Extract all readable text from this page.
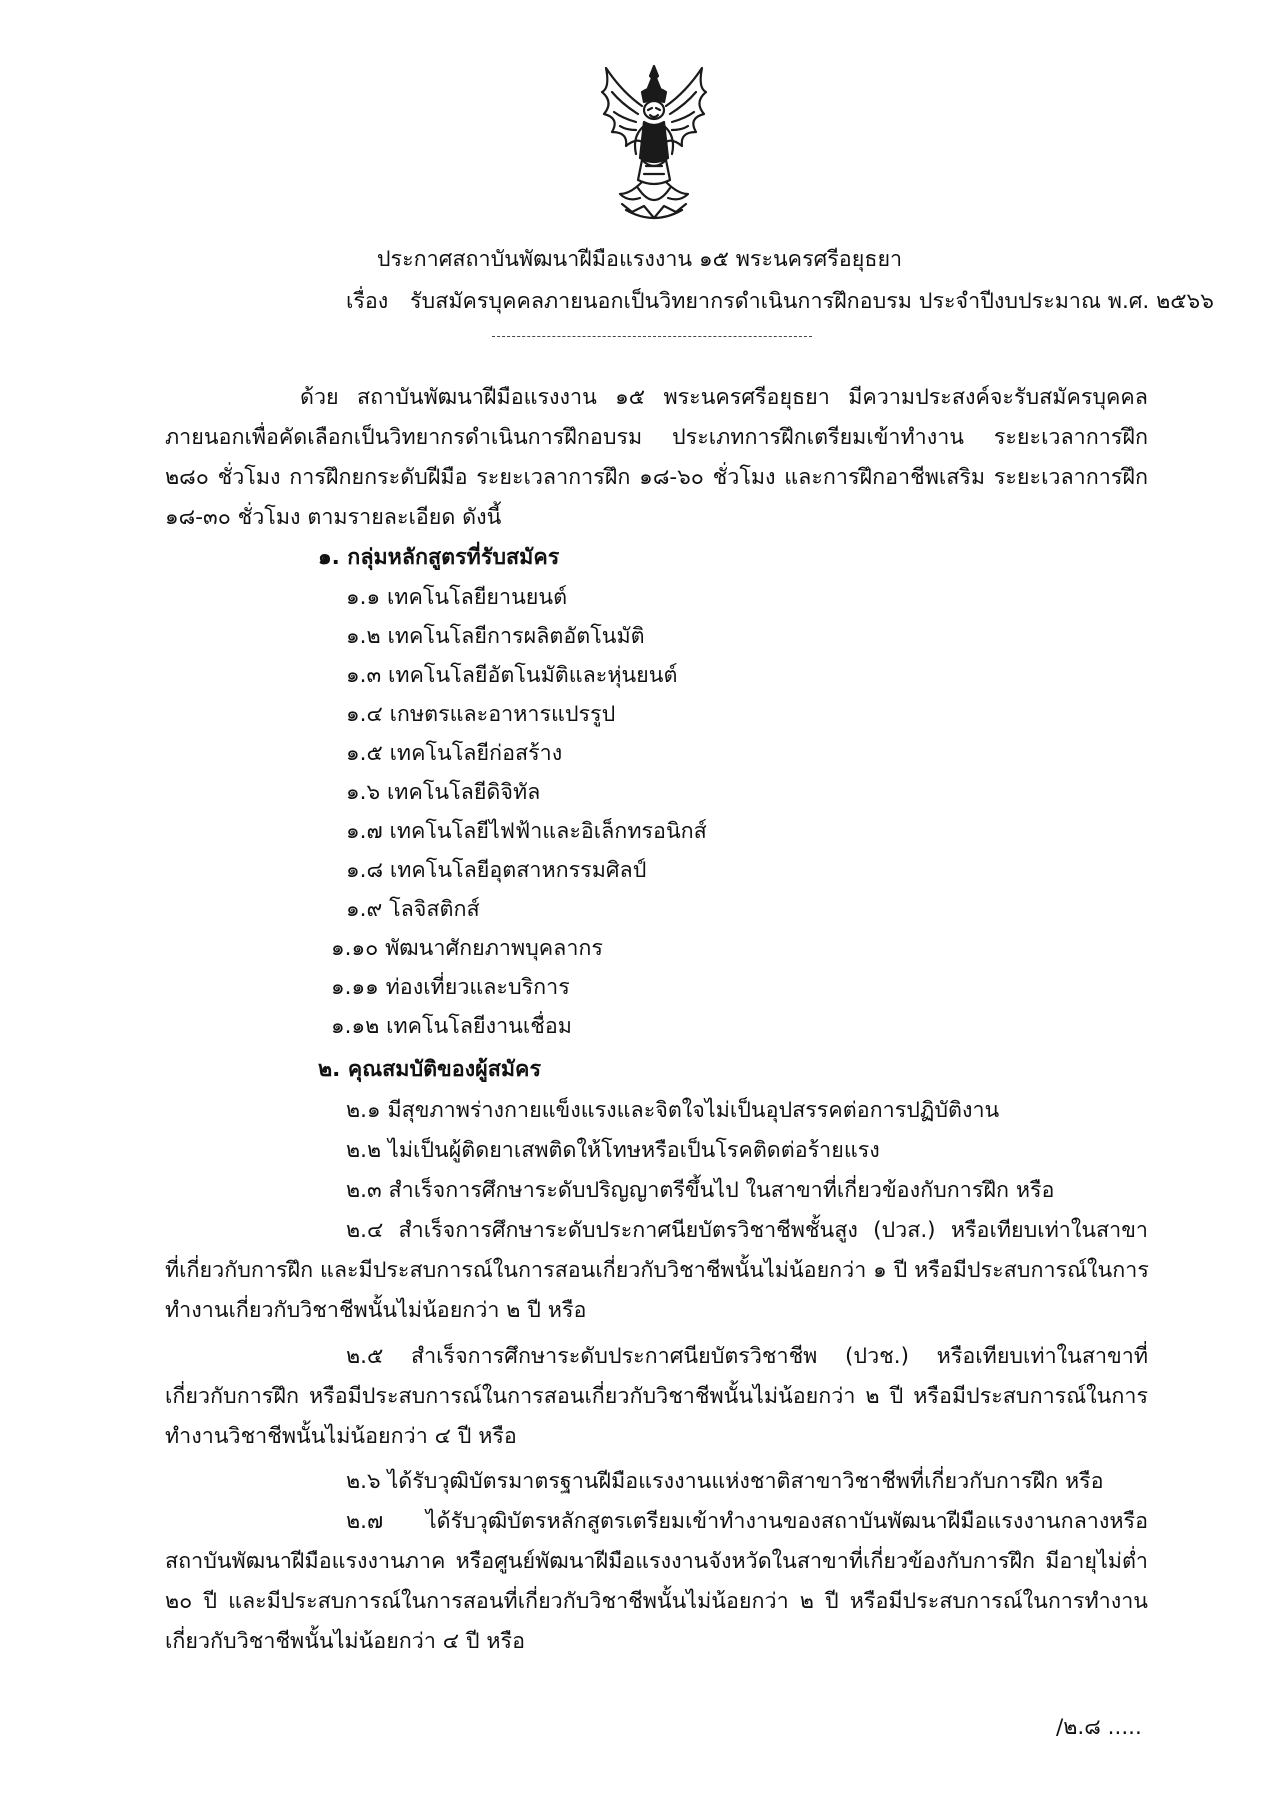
ประกาศสถาบันพัฒนาฝีมือแรงงาน ๑๕ พระนครศรีอยุธยา
เรื่อง รับสมัครบุคคลภายนอกเป็นวิทยากรดำเนินการฝึกอบรม ประจำปีงบประมาณ พ.ศ. ๒๕๖๖
ด้วย สถาบันพัฒนาฝีมือแรงงาน ๑๕ พระนครศรีอยุธยา มีความประสงค์จะรับสมัครบุคคล
ภายนอกเพื่อคัดเลือกเป็นวิทยากรดำเนินการฝึกอบรม ประเภทการฝึกเตรียมเข้าทำงาน ระยะเวลาการฝึก
๒๘๐ ชั่วโมง การฝึกยกระดับฝีมือ ระยะเวลาการฝึก ๑๘-๖๐ ชั่วโมง และการฝึกอาชีพเสริม ระยะเวลาการฝึก
๑๘-๓๐ ชั่วโมง ตามรายละเอียด ดังนี้
๑. กลุ่มหลักสูตรที่รับสมัคร
๑.๑ เทคโนโลยียานยนต์
๑.๒ เทคโนโลยีการผลิตอัตโนมัติ
๑.๓ เทคโนโลยีอัตโนมัติและหุ่นยนต์
๑.๔ เกษตรและอาหารแปรรูป
๑.๕ เทคโนโลยีก่อสร้าง
๑.๖ เทคโนโลยีดิจิทัล
๑.๗ เทคโนโลยีไฟฟ้าและอิเล็กทรอนิกส์
๑.๘ เทคโนโลยีอุตสาหกรรมศิลป์
๑.๙ โลจิสติกส์
๑.๑๐ พัฒนาศักยภาพบุคลากร
๑.๑๑ ท่องเที่ยวและบริการ
๑.๑๒ เทคโนโลยีงานเชื่อม
๒. คุณสมบัติของผู้สมัคร
๒.๑ มีสุขภาพร่างกายแข็งแรงและจิตใจไม่เป็นอุปสรรคต่อการปฏิบัติงาน
๒.๒ ไม่เป็นผู้ติดยาเสพติดให้โทษหรือเป็นโรคติดต่อร้ายแรง
๒.๓ สำเร็จการศึกษาระดับปริญญาตรีขึ้นไป ในสาขาที่เกี่ยวข้องกับการฝึก หรือ
๒.๔ สำเร็จการศึกษาระดับประกาศนียบัตรวิชาชีพชั้นสูง (ปวส.) หรือเทียบเท่าในสาขา
ที่เกี่ยวกับการฝึก และมีประสบการณ์ในการสอนเกี่ยวกับวิชาชีพนั้นไม่น้อยกว่า ๑ ปี หรือมีประสบการณ์ในการ
ทำงานเกี่ยวกับวิชาชีพนั้นไม่น้อยกว่า ๒ ปี หรือ
๒.๕ สำเร็จการศึกษาระดับประกาศนียบัตรวิชาชีพ (ปวช.) หรือเทียบเท่าในสาขาที่
เกี่ยวกับการฝึก หรือมีประสบการณ์ในการสอนเกี่ยวกับวิชาชีพนั้นไม่น้อยกว่า ๒ ปี หรือมีประสบการณ์ในการ
ทำงานวิชาชีพนั้นไม่น้อยกว่า ๔ ปี หรือ
๒.๖ ได้รับวุฒิบัตรมาตรฐานฝีมือแรงงานแห่งชาติสาขาวิชาชีพที่เกี่ยวกับการฝึก หรือ
๒.๗ ได้รับวุฒิบัตรหลักสูตรเตรียมเข้าทำงานของสถาบันพัฒนาฝีมือแรงงานกลางหรือ
สถาบันพัฒนาฝีมือแรงงานภาค หรือศูนย์พัฒนาฝีมือแรงงานจังหวัดในสาขาที่เกี่ยวข้องกับการฝึก มีอายุไม่ต่ำ
๒๐ ปี และมีประสบการณ์ในการสอนที่เกี่ยวกับวิชาชีพนั้นไม่น้อยกว่า ๒ ปี หรือมีประสบการณ์ในการทำงาน
เกี่ยวกับวิชาชีพนั้นไม่น้อยกว่า ๔ ปี หรือ
/๒.๘ .....
